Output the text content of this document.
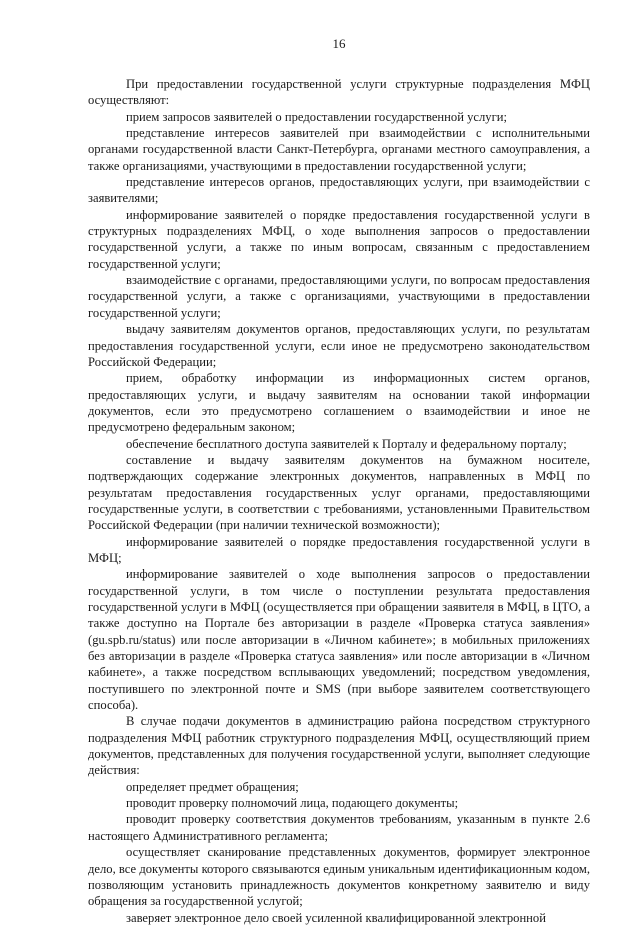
16

При предоставлении государственной услуги структурные подразделения МФЦ осуществляют:

прием запросов заявителей о предоставлении государственной услуги;

представление интересов заявителей при взаимодействии с исполнительными органами государственной власти Санкт-Петербурга, органами местного самоуправления, а также организациями, участвующими в предоставлении государственной услуги;

представление интересов органов, предоставляющих услуги, при взаимодействии с заявителями;

информирование заявителей о порядке предоставления государственной услуги в структурных подразделениях МФЦ, о ходе выполнения запросов о предоставлении государственной услуги, а также по иным вопросам, связанным с предоставлением государственной услуги;

взаимодействие с органами, предоставляющими услуги, по вопросам предоставления государственной услуги, а также с организациями, участвующими в предоставлении государственной услуги;

выдачу заявителям документов органов, предоставляющих услуги, по результатам предоставления государственной услуги, если иное не предусмотрено законодательством Российской Федерации;

прием, обработку информации из информационных систем органов, предоставляющих услуги, и выдачу заявителям на основании такой информации документов, если это предусмотрено соглашением о взаимодействии и иное не предусмотрено федеральным законом;

обеспечение бесплатного доступа заявителей к Порталу и федеральному порталу;

составление и выдачу заявителям документов на бумажном носителе, подтверждающих содержание электронных документов, направленных в МФЦ по результатам предоставления государственных услуг органами, предоставляющими государственные услуги, в соответствии с требованиями, установленными Правительством Российской Федерации (при наличии технической возможности);

информирование заявителей о порядке предоставления государственной услуги в МФЦ;

информирование заявителей о ходе выполнения запросов о предоставлении государственной услуги, в том числе о поступлении результата предоставления государственной услуги в МФЦ (осуществляется при обращении заявителя в МФЦ, в ЦТО, а также доступно на Портале без авторизации в разделе «Проверка статуса заявления» (gu.spb.ru/status) или после авторизации в «Личном кабинете»; в мобильных приложениях без авторизации в разделе «Проверка статуса заявления» или после авторизации в «Личном кабинете», а также посредством всплывающих уведомлений; посредством уведомления, поступившего по электронной почте и SMS (при выборе заявителем соответствующего способа).

В случае подачи документов в администрацию района посредством структурного подразделения МФЦ работник структурного подразделения МФЦ, осуществляющий прием документов, представленных для получения государственной услуги, выполняет следующие действия:

определяет предмет обращения;

проводит проверку полномочий лица, подающего документы;

проводит проверку соответствия документов требованиям, указанным в пункте 2.6 настоящего Административного регламента;

осуществляет сканирование представленных документов, формирует электронное дело, все документы которого связываются единым уникальным идентификационным кодом, позволяющим установить принадлежность документов конкретному заявителю и виду обращения за государственной услугой;

заверяет электронное дело своей усиленной квалифицированной электронной
